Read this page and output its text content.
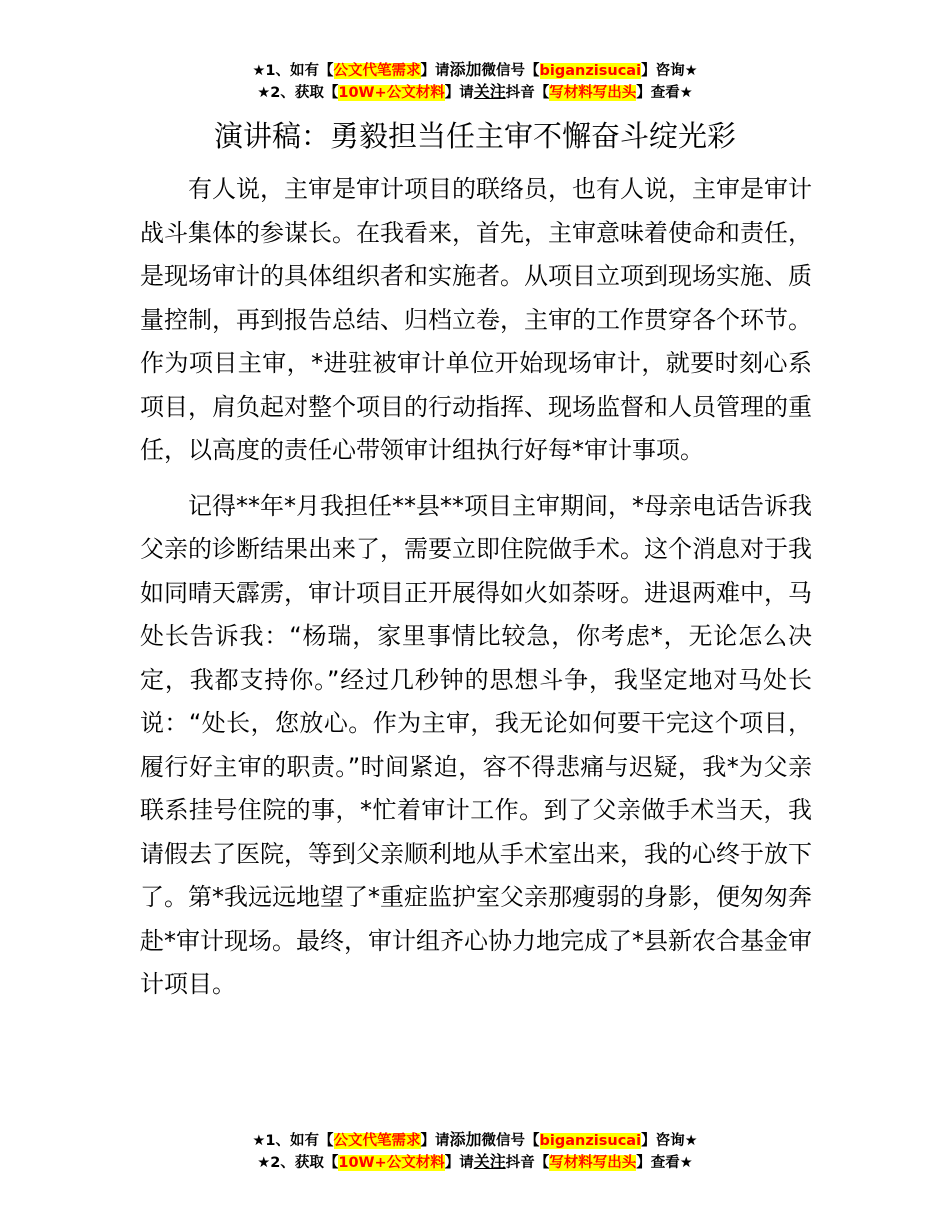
★1、如有【公文代笔需求】请添加微信号【biganzisucai】咨询★
★2、获取【10W+公文材料】请关注抖音【写材料写出头】查看★
演讲稿：勇毅担当任主审不懈奋斗绽光彩

有人说，主审是审计项目的联络员，也有人说，主审是审计战斗集体的参谋长。在我看来，首先，主审意味着使命和责任，是现场审计的具体组织者和实施者。从项目立项到现场实施、质量控制，再到报告总结、归档立卷，主审的工作贯穿各个环节。作为项目主审，*进驻被审计单位开始现场审计，就要时刻心系项目，肩负起对整个项目的行动指挥、现场监督和人员管理的重任，以高度的责任心带领审计组执行好每*审计事项。

记得**年*月我担任**县**项目主审期间，*母亲电话告诉我父亲的诊断结果出来了，需要立即住院做手术。这个消息对于我如同晴天霹雳，审计项目正开展得如火如荼呀。进退两难中，马处长告诉我：“杨瑞，家里事情比较急，你考虑*，无论怎么决定，我都支持你。”经过几秒钟的思想斗争，我坚定地对马处长说：“处长，您放心。作为主审，我无论如何要干完这个项目，履行好主审的职责。”时间紧迫，容不得悲痛与迟疑，我*为父亲联系挂号住院的事，*忙着审计工作。到了父亲做手术当天，我请假去了医院，等到父亲顺利地从手术室出来，我的心终于放下了。第*我远远地望了*重症监护室父亲那瘦弱的身影，便匆匆奔赴*审计现场。最终，审计组齐心协力地完成了*县新农合基金审计项目。

★1、如有【公文代笔需求】请添加微信号【biganzisucai】咨询★
★2、获取【10W+公文材料】请关注抖音【写材料写出头】查看★
